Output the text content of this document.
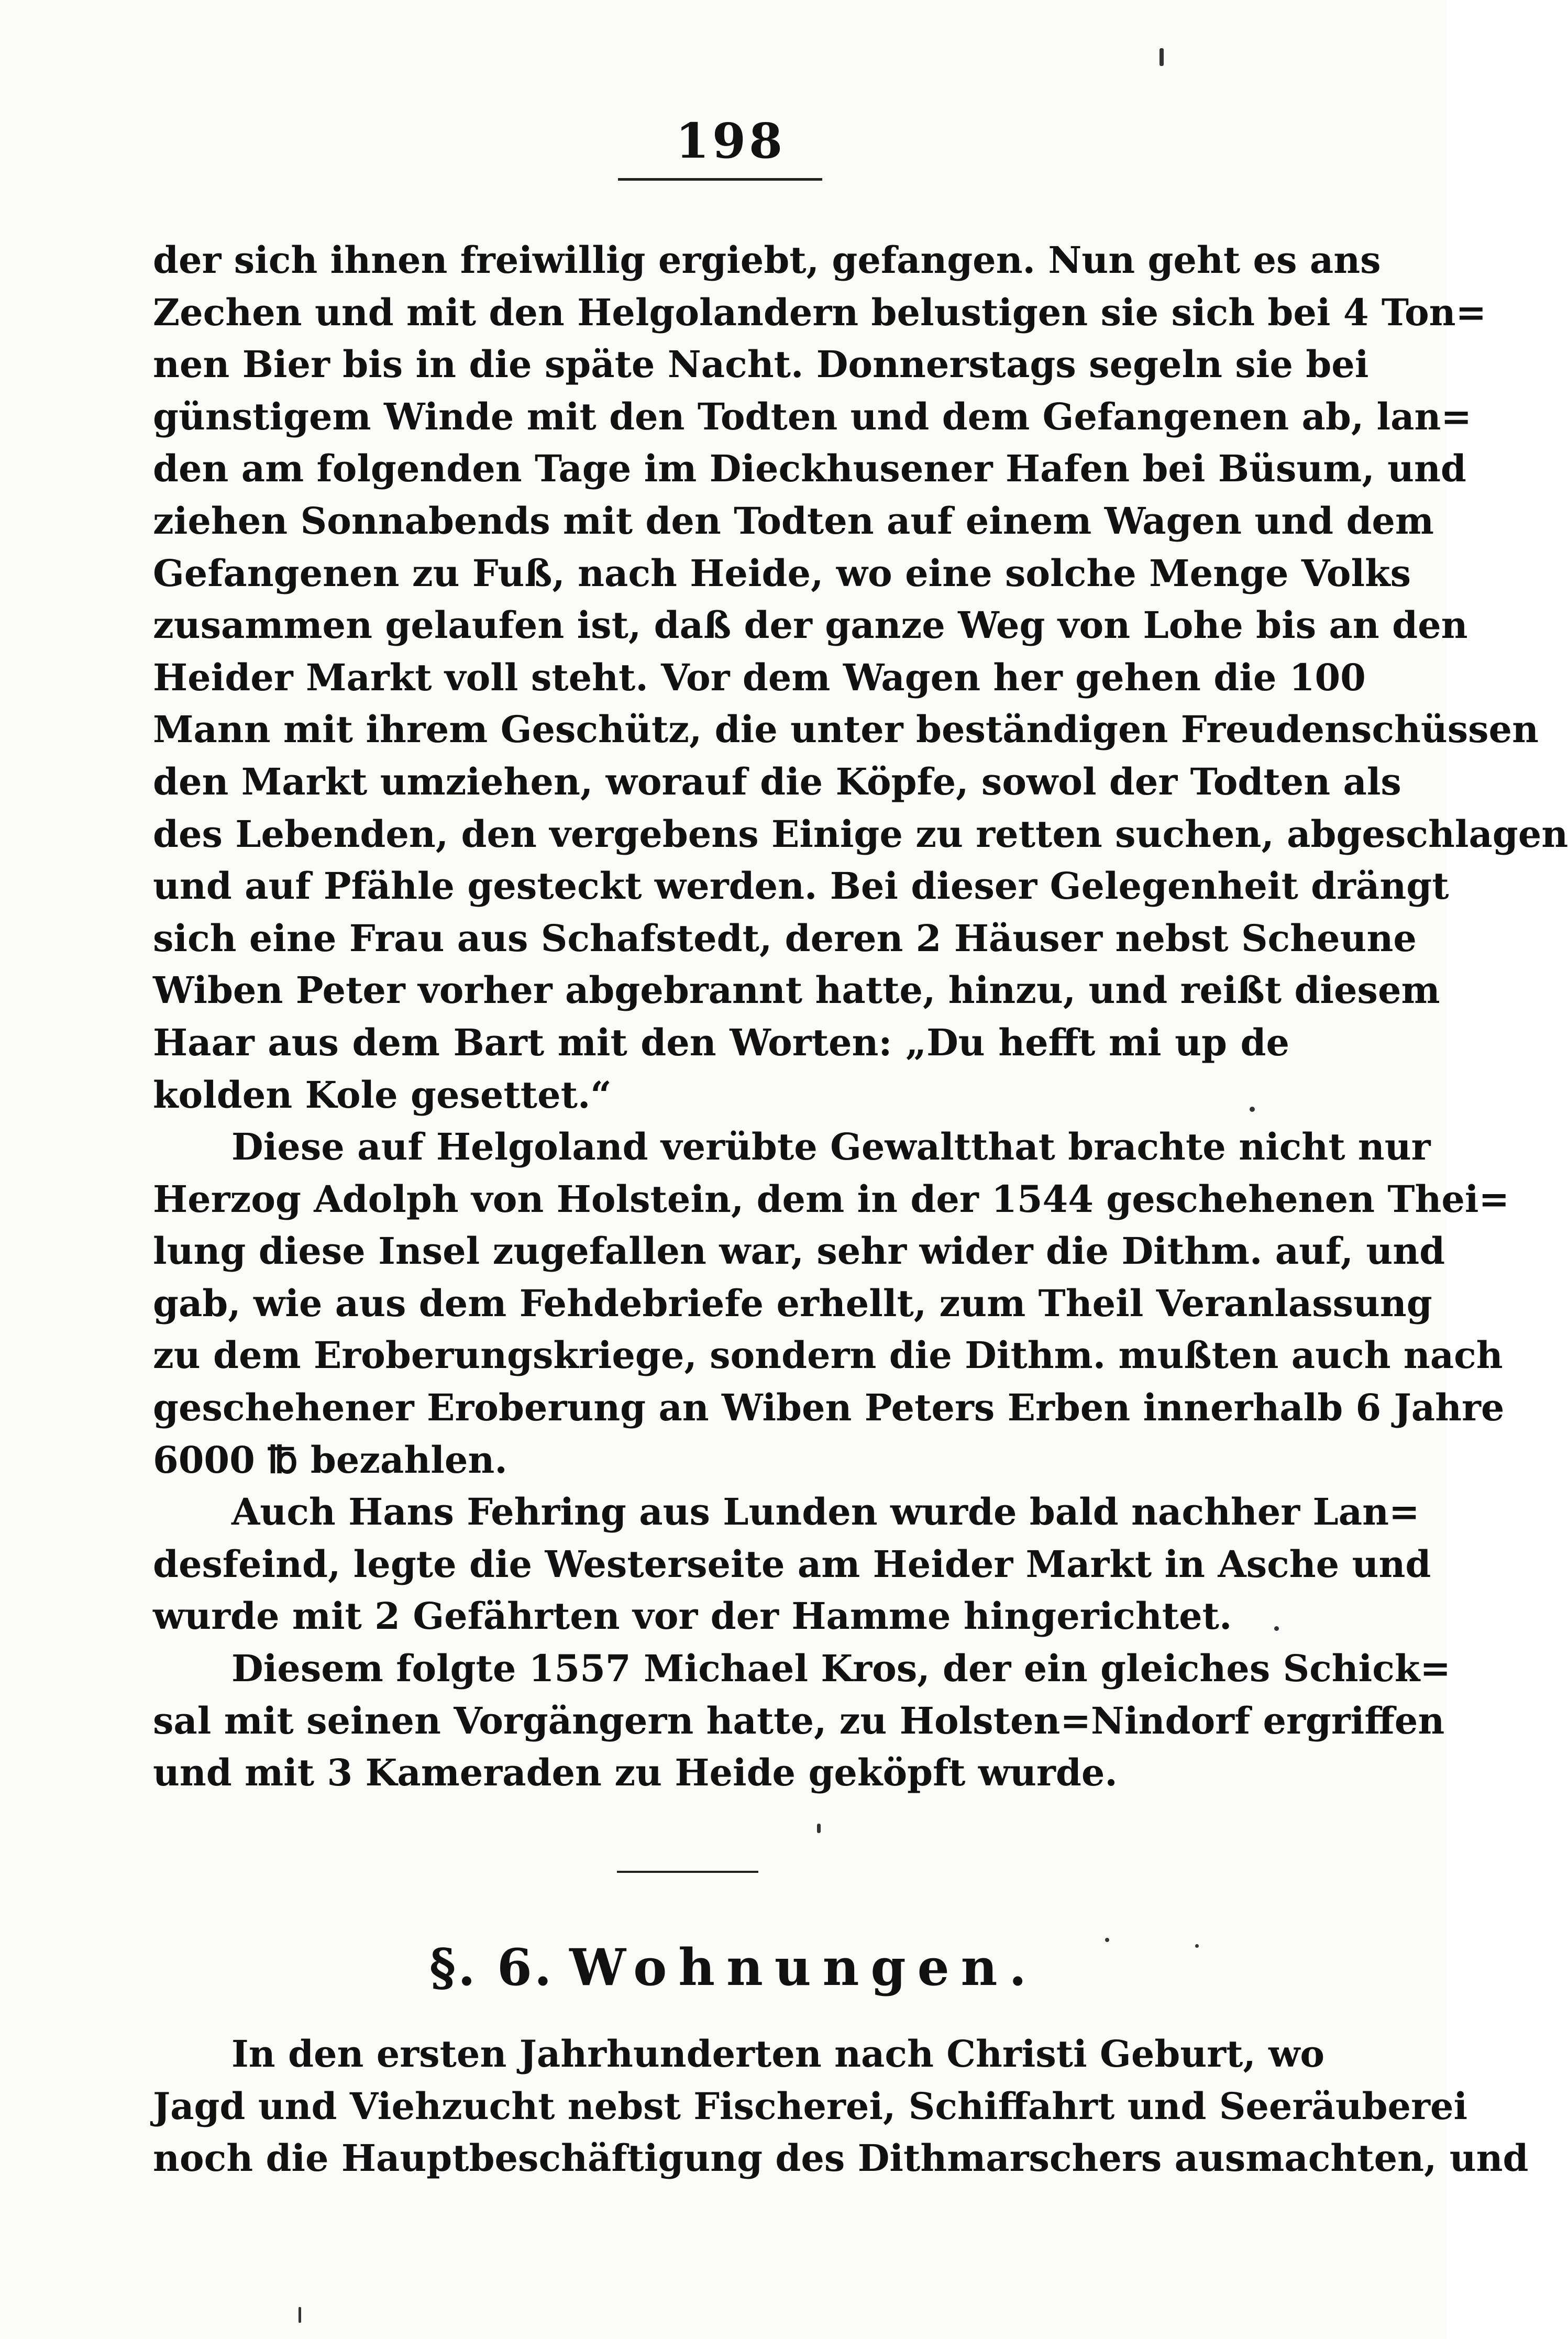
198
der sich ihnen freiwillig ergiebt, gefangen. Nun geht es ans
Zechen und mit den Helgolandern belustigen sie sich bei 4 Ton=
nen Bier bis in die späte Nacht. Donnerstags segeln sie bei
günstigem Winde mit den Todten und dem Gefangenen ab, lan=
den am folgenden Tage im Dieckhusener Hafen bei Büsum, und
ziehen Sonnabends mit den Todten auf einem Wagen und dem
Gefangenen zu Fuß, nach Heide, wo eine solche Menge Volks
zusammen gelaufen ist, daß der ganze Weg von Lohe bis an den
Heider Markt voll steht. Vor dem Wagen her gehen die 100
Mann mit ihrem Geschütz, die unter beständigen Freudenschüssen
den Markt umziehen, worauf die Köpfe, sowol der Todten als
des Lebenden, den vergebens Einige zu retten suchen, abgeschlagen
und auf Pfähle gesteckt werden. Bei dieser Gelegenheit drängt
sich eine Frau aus Schafstedt, deren 2 Häuser nebst Scheune
Wiben Peter vorher abgebrannt hatte, hinzu, und reißt diesem
Haar aus dem Bart mit den Worten: „Du hefft mi up de
kolden Kole gesettet.“
Diese auf Helgoland verübte Gewaltthat brachte nicht nur
Herzog Adolph von Holstein, dem in der 1544 geschehenen Thei=
lung diese Insel zugefallen war, sehr wider die Dithm. auf, und
gab, wie aus dem Fehdebriefe erhellt, zum Theil Veranlassung
zu dem Eroberungskriege, sondern die Dithm. mußten auch nach
geschehener Eroberung an Wiben Peters Erben innerhalb 6 Jahre
6000 ℔ bezahlen.
Auch Hans Fehring aus Lunden wurde bald nachher Lan=
desfeind, legte die Westerseite am Heider Markt in Asche und
wurde mit 2 Gefährten vor der Hamme hingerichtet.
Diesem folgte 1557 Michael Kros, der ein gleiches Schick=
sal mit seinen Vorgängern hatte, zu Holsten=Nindorf ergriffen
und mit 3 Kameraden zu Heide geköpft wurde.
§. 6. Wohnungen.
In den ersten Jahrhunderten nach Christi Geburt, wo
Jagd und Viehzucht nebst Fischerei, Schiffahrt und Seeräuberei
noch die Hauptbeschäftigung des Dithmarschers ausmachten, und
